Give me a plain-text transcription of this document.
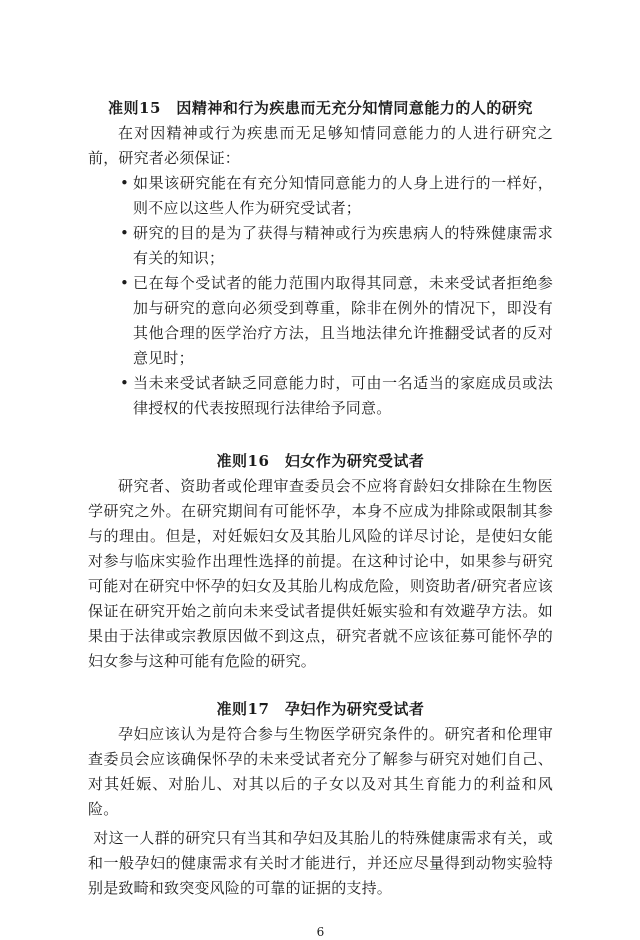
准则15　因精神和行为疾患而无充分知情同意能力的人的研究

在对因精神或行为疾患而无足够知情同意能力的人进行研究之前，研究者必须保证：

• 如果该研究能在有充分知情同意能力的人身上进行的一样好，则不应以这些人作为研究受试者；
• 研究的目的是为了获得与精神或行为疾患病人的特殊健康需求有关的知识；
• 已在每个受试者的能力范围内取得其同意，未来受试者拒绝参加与研究的意向必须受到尊重，除非在例外的情况下，即没有其他合理的医学治疗方法，且当地法律允许推翻受试者的反对意见时；
• 当未来受试者缺乏同意能力时，可由一名适当的家庭成员或法律授权的代表按照现行法律给予同意。
准则16　妇女作为研究受试者

研究者、资助者或伦理审查委员会不应将育龄妇女排除在生物医学研究之外。在研究期间有可能怀孕，本身不应成为排除或限制其参与的理由。但是，对妊娠妇女及其胎儿风险的详尽讨论，是使妇女能对参与临床实验作出理性选择的前提。在这种讨论中，如果参与研究可能对在研究中怀孕的妇女及其胎儿构成危险，则资助者/研究者应该保证在研究开始之前向未来受试者提供妊娠实验和有效避孕方法。如果由于法律或宗教原因做不到这点，研究者就不应该征募可能怀孕的妇女参与这种可能有危险的研究。

准则17　孕妇作为研究受试者

孕妇应该认为是符合参与生物医学研究条件的。研究者和伦理审查委员会应该确保怀孕的未来受试者充分了解参与研究对她们自己、对其妊娠、对胎儿、对其以后的子女以及对其生育能力的利益和风险。

对这一人群的研究只有当其和孕妇及其胎儿的特殊健康需求有关，或和一般孕妇的健康需求有关时才能进行，并还应尽量得到动物实验特别是致畸和致突变风险的可靠的证据的支持。

6
